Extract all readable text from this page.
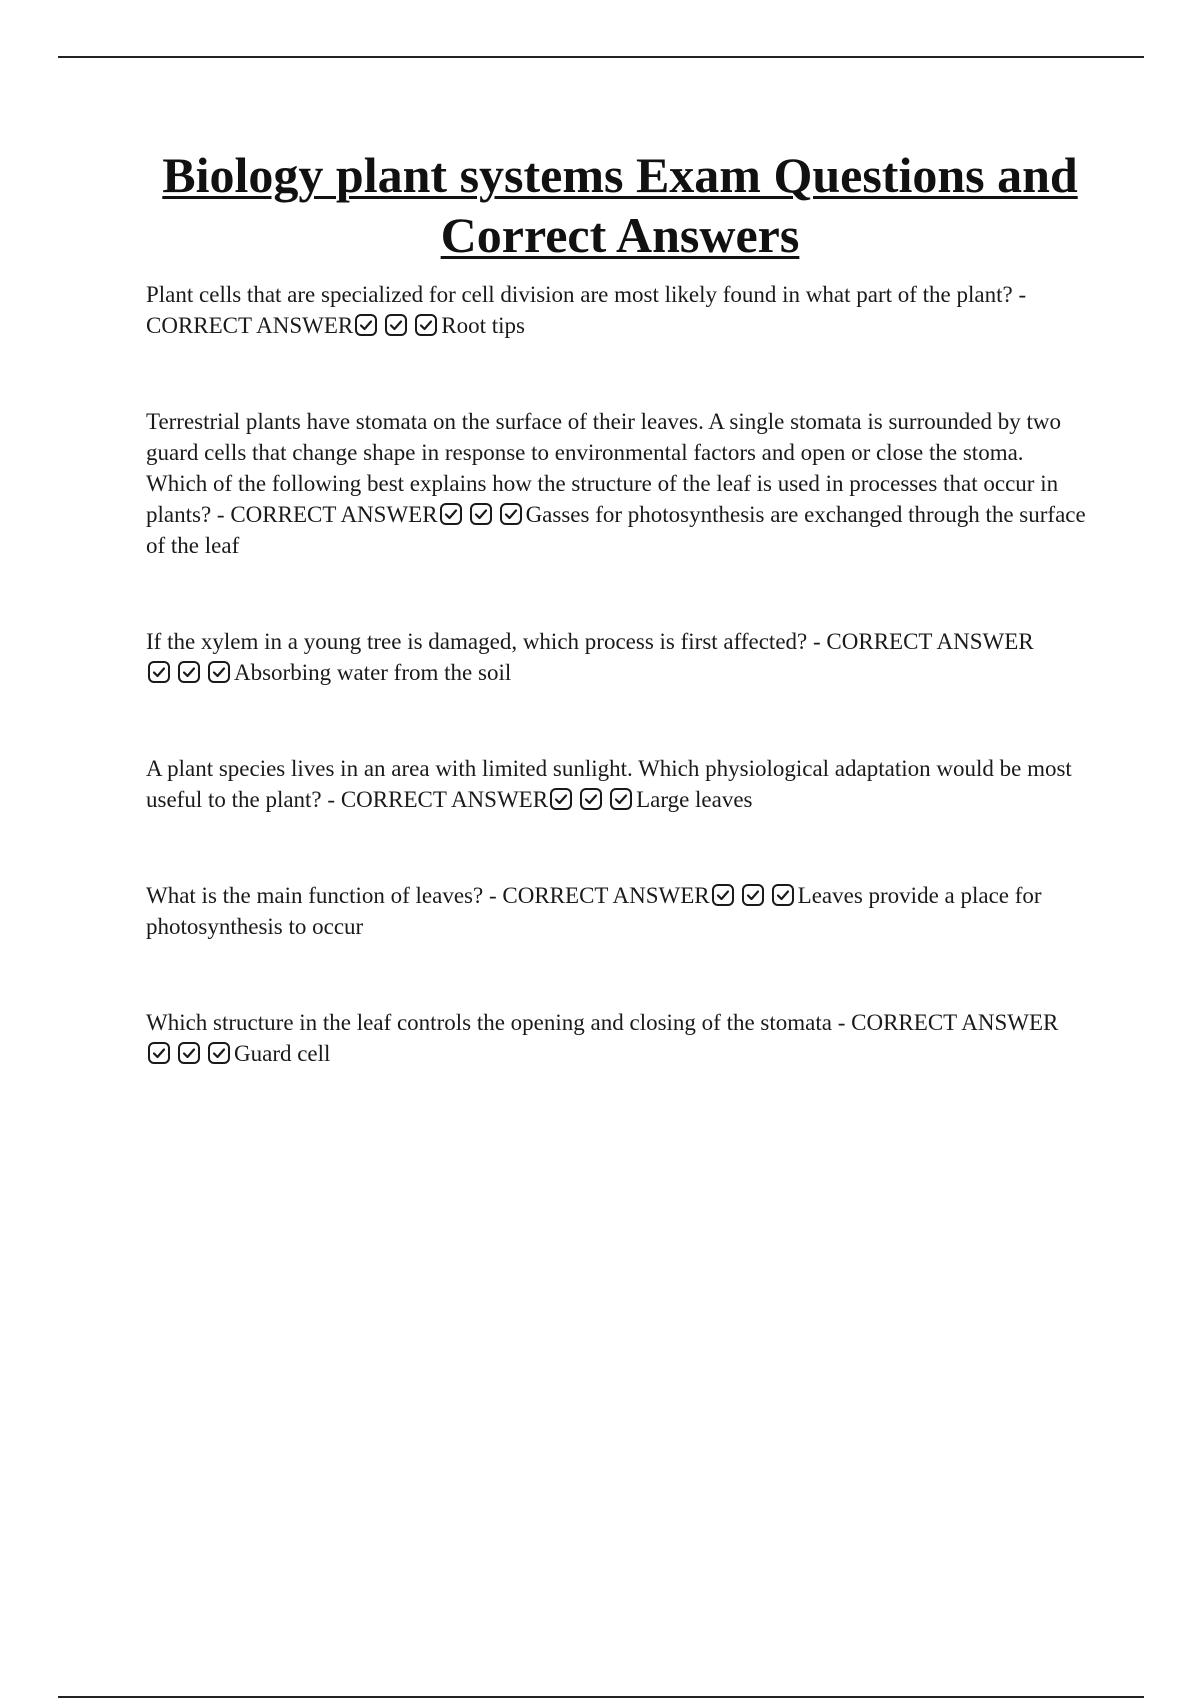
Biology plant systems Exam Questions and Correct Answers

Plant cells that are specialized for cell division are most likely found in what part of the plant? - CORRECT ANSWER	Root tips

Terrestrial plants have stomata on the surface of their leaves. A single stomata is surrounded by two guard cells that change shape in response to environmental factors and open or close the stoma. Which of the following best explains how the structure of the leaf is used in processes that occur in plants? - CORRECT ANSWER	Gasses for photosynthesis are exchanged through the surface of the leaf

If the xylem in a young tree is damaged, which process is first affected? - CORRECT ANSWER
Absorbing water from the soil

A plant species lives in an area with limited sunlight. Which physiological adaptation would be most useful to the plant? - CORRECT ANSWER	Large leaves

What is the main function of leaves? - CORRECT ANSWER	Leaves provide a place for photosynthesis to occur

Which structure in the leaf controls the opening and closing of the stomata - CORRECT ANSWER
Guard cell
